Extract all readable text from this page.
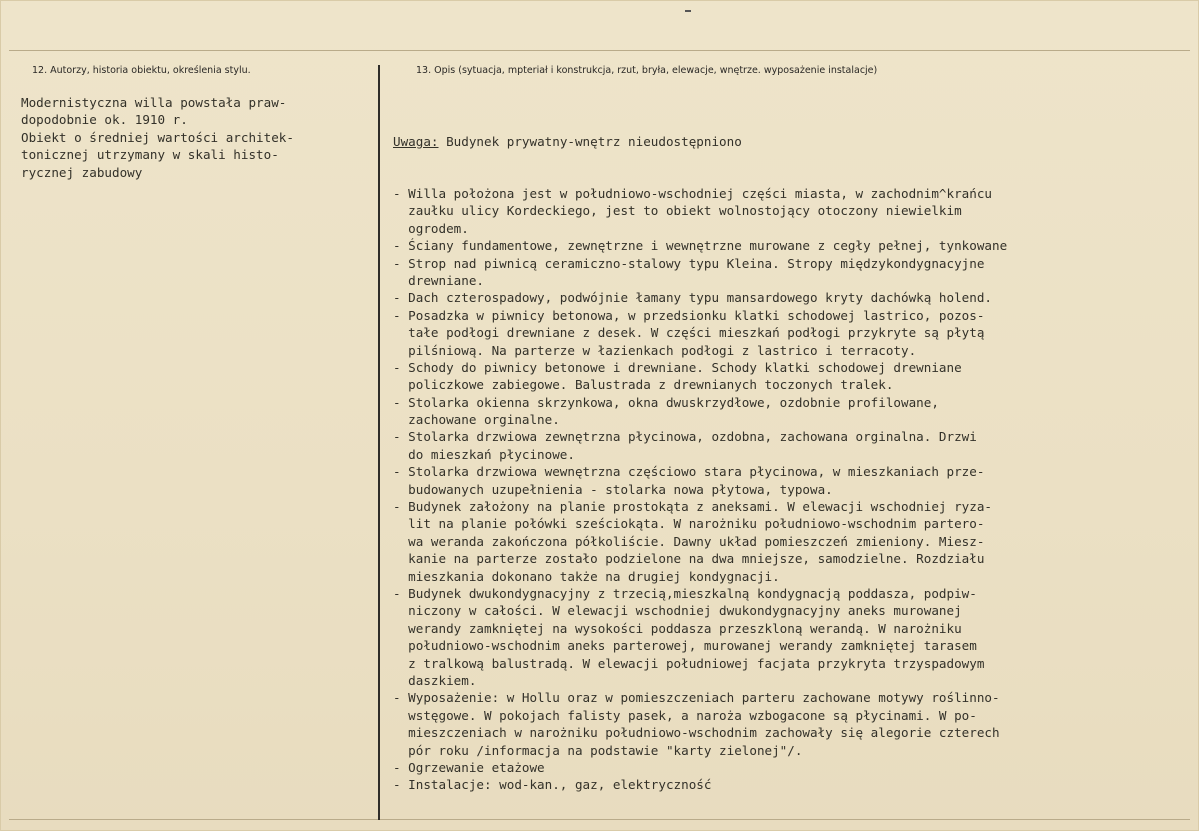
12. Autorzy, historia obiektu, określenia stylu.	13. Opis (sytuacja, mpteriał i konstrukcja, rzut, bryła, elewacje, wnętrze. wyposażenie instalacje)
Modernistyczna willa powstała praw-
dopodobnie ok. 1910 r.
Obiekt o średniej wartości architek-
tonicznej utrzymany w skali histo-
rycznej zabudowy

Uwaga: Budynek prywatny-wnętrz nieudostępniono

- Willa położona jest w południowo-wschodniej części miasta, w zachodnim^krańcu
zaułku ulicy Kordeckiego, jest to obiekt wolnostojący otoczony niewielkim
ogrodem.
- Ściany fundamentowe, zewnętrzne i wewnętrzne murowane z cegły pełnej, tynkowane
- Strop nad piwnicą ceramiczno-stalowy typu Kleina. Stropy międzykondygnacyjne
drewniane.
- Dach czterospadowy, podwójnie łamany typu mansardowego kryty dachówką holend.
- Posadzka w piwnicy betonowa, w przedsionku klatki schodowej lastrico, pozos-
tałe podłogi drewniane z desek. W części mieszkań podłogi przykryte są płytą
pilśniową. Na parterze w łazienkach podłogi z lastrico i terracoty.
- Schody do piwnicy betonowe i drewniane. Schody klatki schodowej drewniane
policzkowe zabiegowe. Balustrada z drewnianych toczonych tralek.
- Stolarka okienna skrzynkowa, okna dwuskrzydłowe, ozdobnie profilowane,
zachowane orginalne.
- Stolarka drzwiowa zewnętrzna płycinowa, ozdobna, zachowana orginalna. Drzwi
do mieszkań płycinowe.
- Stolarka drzwiowa wewnętrzna częściowo stara płycinowa, w mieszkaniach prze-
budowanych uzupełnienia - stolarka nowa płytowa, typowa.
- Budynek założony na planie prostokąta z aneksami. W elewacji wschodniej ryza-
lit na planie połówki sześciokąta. W narożniku południowo-wschodnim partero-
wa weranda zakończona półkoliście. Dawny układ pomieszczeń zmieniony. Miesz-
kanie na parterze zostało podzielone na dwa mniejsze, samodzielne. Rozdziału
mieszkania dokonano także na drugiej kondygnacji.
- Budynek dwukondygnacyjny z trzecią,mieszkalną kondygnacją poddasza, podpiw-
niczony w całości. W elewacji wschodniej dwukondygnacyjny aneks murowanej
werandy zamkniętej na wysokości poddasza przeszkloną werandą. W narożniku
południowo-wschodnim aneks parterowej, murowanej werandy zamkniętej tarasem
z tralkową balustradą. W elewacji południowej facjata przykryta trzyspadowym
daszkiem.
- Wyposażenie: w Hollu oraz w pomieszczeniach parteru zachowane motywy roślinno-
wstęgowe. W pokojach falisty pasek, a naroża wzbogacone są płycinami. W po-
mieszczeniach w narożniku południowo-wschodnim zachowały się alegorie czterech
pór roku /informacja na podstawie "karty zielonej"/.
- Ogrzewanie etażowe
- Instalacje: wod-kan., gaz, elektryczność
